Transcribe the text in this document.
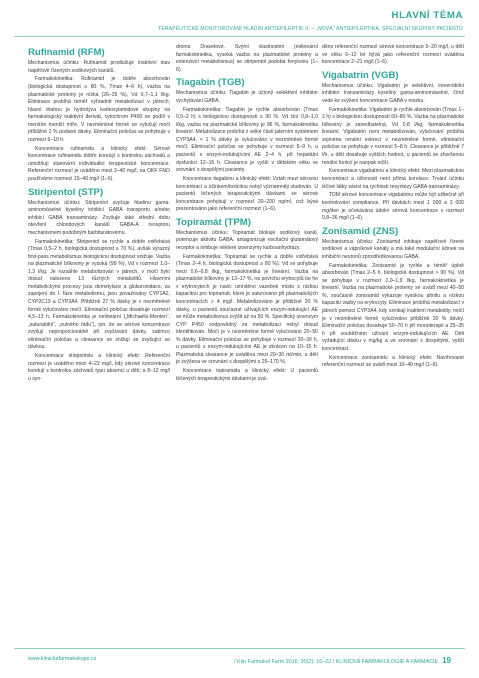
HLAVNÍ TÉMA
TERAPEUTICKÉ MONITOROVÁNÍ HLADIN ANTIEPILEPTIK II. – „NOVÁ“ ANTIEPILEPTIKA, SPECIÁLNÍ SKUPINY PACIENTŮ
Rufinamid (RFM)

Mechanismus účinku: Rufinamid prodlužuje inaktivní stav napěťově řízených sodíkových kanálů.

Farmakokinetika: Rufinamid je dobře absorbován (biologická dostupnost ≥ 80 %, Tmax 4–6 h), vazba na plazmatické proteiny je nízká (26–35 %), Vd 0,7–1,1 l/kg. Eliminace probíhá téměř výhradně metabolizací v játrech, hlavní drahou je hydrolýza karboxylamidové skupiny na farmakologicky inaktivní derivát, cytochrom P450 se podílí v menším mentší míře. V nezměněné formě se vylučují moči přibližně 2 % podané dávky. Eliminační poločas se pohybuje v rozmezí 6–10 h.

Koncentrace rufinamidu a klinický efekt: Sérové koncentrace rufinamidu dobře korelují s kontrolou záchvatů a umožňují stanovení individuální terapeutické koncentrace. Referenční rozmezí je uváděno mezi 3–40 mg/l, na OKF FNO používáme rozmezí 15–40 mg/l (1–6).

Stiripentol (STP)

Mechanismus účinku: Stiripentol zvyšuje hladinu gama-aminomáselné kyseliny inhibicí GABA transportu a/nebo inhibicí GABA transaminázy. Zvyšuje také střední dobu otevření chloridových kanálů GABA-A receptoru mechanismem podobným barbiturátovému.

Farmakokinetika: Stiripentol se rychle a dobře vstřebává (Tmax 0,5–2 h, biologická dostupnost ≥ 70 %), avšak výrazný first-pass metabolismus biologickou dostupnost snižuje. Vazba na plazmatické bílkoviny je vysoká (99 %), Vd v rozmezí 1,0–1,3 l/kg. Je rozsáhle metabolizován v játrech, v moči bylo dosud nalezeno 13 různých metabolitů. Hlavními metabolickými procesy jsou demetylace a glukuronidace, za zapojení do I. fáze metabolismu, jsou považovány CYP1A2, CYP2C19 a CYP3A4. Přibližně 27 % dávky je v nezměněné formě vylučováno močí. Eliminační poločas dosahuje rozmezí 4,5–13 h. Farmakokinetika je nelineární („Michaelis-Menten“, „saturabilní“, „nulného řádu“), tzn. že se sérové koncentrace zvyšují neproporcionálně při zvyšování dávky, zatímco eliminační poločas a clearance se snižují se zvyšující se dávkou.

Koncentrace stiripentolu a klinický efekt: Referenční rozmezí je uváděno mezi 4–22 mg/l, kdy sérové koncentrace korelují s kontrolou záchvatů typu absencí u dětí; a 8–12 mg/l u syn-

dromu Dravetové. Svými vlastnostmi (nelineární farmakokinetika, vysoká vazba na plazmatické proteiny a extenzivní metabolismus) se stiripentol podobá fenytoinu (1–6).

Tiagabin (TGB)

Mechanismus účinku: Tiagabin je účinný selektivní inhibitor vychytávání GABA.

Farmakokinetika: Tiagabin je rychle absorbován (Tmax 0,5–2 h) s biologickou dostupností ≥ 90 %. Vd činí 0,8–1,0 l/kg, vazba na plazmatické bílkoviny je 96 %, farmakokinetika lineární. Metabolizace probíhá z velké části jaterním systémem CYP3A4, < 1 % dávky je vylučováno v nezměněné formě močí. Eliminační poločas se pohybuje v rozmezí 5–9 h, u pacientů s enzym-indukujícími AE 2–4 h, při hepatální dysfunkci 12–16 h. Clearance je vyšší v dětském věku ve srovnání s dospělými pacienty.

Koncentrace tiagabinu a klinický efekt: Vztah mezi sérovou koncentrací a účinkem/toxicitou nebyl významněji studován. U pacientů léčených terapeutickými dávkami se sérové koncentrace pohybují v rozmezí 20–200 ng/ml, což bývá prezentováno jako referenční rozmezí (1–6).

Topiramát (TPM)

Mechanismus účinku: Topiramát blokuje sodíkový kanál, potencuje aktivitu GABA, antagonizuje excitační glutamátový receptor a inhibuje některé izoenzymy karboanhydrázy.

Farmakokinetika: Topiramát se rychle a dobře vstřebává (Tmax 2–4 h, biologická dostupnost ≥ 80 %). Vd se pohybuje mezi 0,6–0,8 l/kg, farmakokinetika je lineární. Vazba na plazmatické bílkoviny je 13–17 %, na povrchu erytrocytů be ho v erytrocytech je navic umístěno vazebné místo s nízkou kapacitou pro topiramát, které je saturováno při plazmatických koncentracích > 4 mg/l. Metabolizováno je přibližně 20 % dávky, u pacientů současně užívajících enzym-indukující AE se může metabolismus zvýšit až na 50 %. Specifický izoenzym CYP P450 zodpovědný za metabolizaci nebyl dosud identifikován. Močí je v nezměněné formě vylučováno 20–50 % dávky. Eliminační poločas se pohybuje v rozmezí 20–30 h, u pacientů s enzym-indukujícími AE je zkrácen na 10–15 h. Plazmatická clearance je uváděna mezi 20–30 ml/min, u dětí je zvýšena ve srovnání s dospělými o 25–170 %.

Koncentrace topiramátu a klinický efekt: U pacientů léčených terapeutickými dávkami je uvá-

děno referenční rozmezí sérové koncentrace 5–20 mg/l, u dětí ve věku 6–12 let bývá jako referenční rozmezí uváděna koncentrace 2–21 mg/l (1–6).

Vigabatrin (VGB)

Mechanismus účinku: Vigabatrin je selektivní, ireverzibilní inhibitor transaminázy kyseliny gama-aminomáselné, čímž vede ke zvýšení koncentrace GABA v mozku.

Farmakokinetika: Vigabatrin je rychle absorbován (Tmax 1–2 h) s biologickou dostupností 60–80 %. Vazba na plazmatické bílkoviny je zanedbatelná, Vd 0,8 l/kg, farmakokinetika lineární. Vigabatrin není metabolizován, vylučování probíhá zejména renální exkrecí v nezměněné formě, eliminační poločas se pohybuje v rozmezí 5–8 h. Clearance je přibližně 7 l/h, u dětí dosahuje vyšších hodnot, u pacientů se zhoršenou renální funkcí je naopak nižší.

Koncentrace vigabatrinu a klinický efekt: Mezi plazmatickou koncentrací a účinností není přímá korelace. Trvání účinku léčivé látky závisí na rychlosti resyntézy GABA transaminázy.

TDM sérové koncentrace vigabatrinu může být užitečné při kontrolování compliance. Při dávkách mezi 1 000 a 3 000 mg/den je očekávána údolní sérová koncentrace v rozmezí 0,8–36 mg/l (1–6).

Zonisamid (ZNS)

Mechanismus účinku: Zonisamid inhibuje napěťově řízené sodíkové a vápníkové kanály a má také modulační účinek na inhibiční neuronů zprostředkovanou GABA.

Farmakokinetika: Zonisamid je rychle a téměř úplně absorbován (Tmax 2–5 h, biologická dostupnost > 90 %). Vd se pohybuje v rozmezí 1,0–1,9 l/kg, farmakokinetika je lineární. Vazba na plazmatické proteiny se uvádí mezi 40–50 %, současně zonisamid vykazuje vysokou afinitu a nízkou kapacitu vazby na erytrocyty. Eliminace probíhá metabolizací v játrech pomocí CYP3A4, kdy vznikají inaktivní metabolity, močí je v nezměněné formě vylučováno přibližně 30 % dávky. Eliminační poločas dosahuje 50–70 h při monoterapii a 25–35 h při souběžném užívání enzym-indukujících AE. Děti vyžadující dávku v mg/kg a ve srovnání s dospělými, vyšší koncentrací.

Koncentrace zonisamidu a klinický efekt: Navrhované referenční rozmezí se uvádí mezi 10–40 mg/l (1–6).

www.klinickafarmakologie.cz	/ Klin Farmakol Farm 2016; 30(2): 16–22 / KLINICKÁ FARMAKOLOGIE A FARMACIE 19
